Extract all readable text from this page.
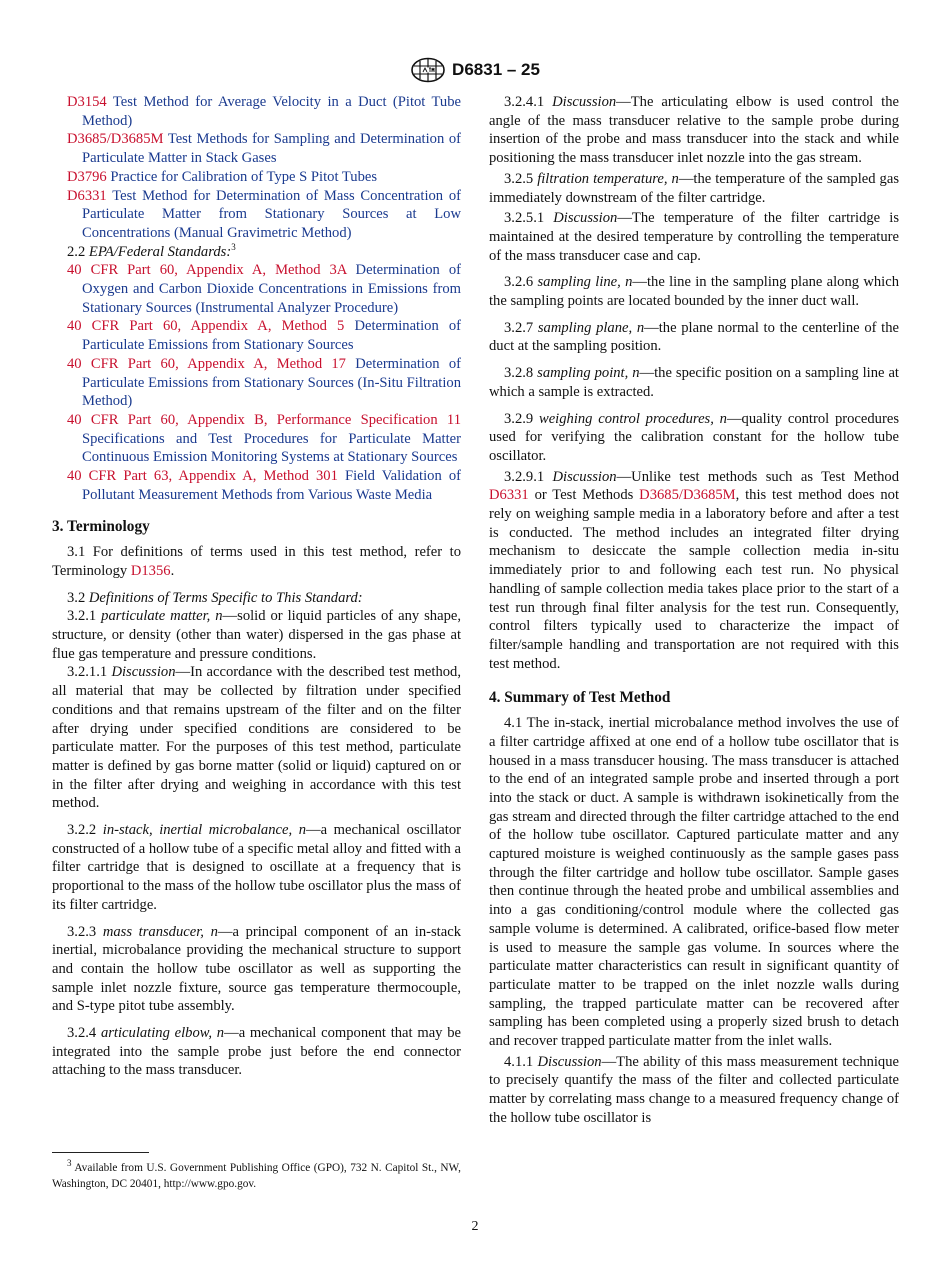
D6831 – 25

D3154 Test Method for Average Velocity in a Duct (Pitot Tube Method)

D3685/D3685M Test Methods for Sampling and Determination of Particulate Matter in Stack Gases

D3796 Practice for Calibration of Type S Pitot Tubes

D6331 Test Method for Determination of Mass Concentration of Particulate Matter from Stationary Sources at Low Concentrations (Manual Gravimetric Method)

2.2 EPA/Federal Standards:$^3$

40 CFR Part 60, Appendix A, Method 3A Determination of Oxygen and Carbon Dioxide Concentrations in Emissions from Stationary Sources (Instrumental Analyzer Procedure)

40 CFR Part 60, Appendix A, Method 5 Determination of Particulate Emissions from Stationary Sources

40 CFR Part 60, Appendix A, Method 17 Determination of Particulate Emissions from Stationary Sources (In-Situ Filtration Method)

40 CFR Part 60, Appendix B, Performance Specification 11 Specifications and Test Procedures for Particulate Matter Continuous Emission Monitoring Systems at Stationary Sources

40 CFR Part 63, Appendix A, Method 301 Field Validation of Pollutant Measurement Methods from Various Waste Media

3. Terminology

3.1 For definitions of terms used in this test method, refer to Terminology D1356.

3.2 Definitions of Terms Specific to This Standard:

3.2.1 particulate matter, n—solid or liquid particles of any shape, structure, or density (other than water) dispersed in the gas phase at flue gas temperature and pressure conditions.

3.2.1.1 Discussion—In accordance with the described test method, all material that may be collected by filtration under specified conditions and that remains upstream of the filter and on the filter after drying under specified conditions are considered to be particulate matter. For the purposes of this test method, particulate matter is defined by gas borne matter (solid or liquid) captured on or in the filter after drying and weighing in accordance with this test method.

3.2.2 in-stack, inertial microbalance, n—a mechanical oscillator constructed of a hollow tube of a specific metal alloy and fitted with a filter cartridge that is designed to oscillate at a frequency that is proportional to the mass of the hollow tube oscillator plus the mass of its filter cartridge.

3.2.3 mass transducer, n—a principal component of an in-stack inertial, microbalance providing the mechanical structure to support and contain the hollow tube oscillator as well as supporting the sample inlet nozzle fixture, source gas temperature thermocouple, and S-type pitot tube assembly.

3.2.4 articulating elbow, n—a mechanical component that may be integrated into the sample probe just before the end connector attaching to the mass transducer.

3.2.4.1 Discussion—The articulating elbow is used control the angle of the mass transducer relative to the sample probe during insertion of the probe and mass transducer into the stack and while positioning the mass transducer inlet nozzle into the gas stream.

3.2.5 filtration temperature, n—the temperature of the sampled gas immediately downstream of the filter cartridge.

3.2.5.1 Discussion—The temperature of the filter cartridge is maintained at the desired temperature by controlling the temperature of the mass transducer case and cap.

3.2.6 sampling line, n—the line in the sampling plane along which the sampling points are located bounded by the inner duct wall.

3.2.7 sampling plane, n—the plane normal to the centerline of the duct at the sampling position.

3.2.8 sampling point, n—the specific position on a sampling line at which a sample is extracted.

3.2.9 weighing control procedures, n—quality control procedures used for verifying the calibration constant for the hollow tube oscillator.

3.2.9.1 Discussion—Unlike test methods such as Test Method D6331 or Test Methods D3685/D3685M, this test method does not rely on weighing sample media in a laboratory before and after a test is conducted. The method includes an integrated filter drying mechanism to desiccate the sample collection media in-situ immediately prior to and following each test run. No physical handling of sample collection media takes place prior to the start of a test run through final filter analysis for the test run. Consequently, control filters typically used to characterize the impact of filter/sample handling and transportation are not required with this test method.

4. Summary of Test Method

4.1 The in-stack, inertial microbalance method involves the use of a filter cartridge affixed at one end of a hollow tube oscillator that is housed in a mass transducer housing. The mass transducer is attached to the end of an integrated sample probe and inserted through a port into the stack or duct. A sample is withdrawn isokinetically from the gas stream and directed through the filter cartridge attached to the end of the hollow tube oscillator. Captured particulate matter and any captured moisture is weighed continuously as the sample gases pass through the filter cartridge and hollow tube oscillator. Sample gases then continue through the heated probe and umbilical assemblies and into a gas conditioning/control module where the collected gas sample volume is determined. A calibrated, orifice-based flow meter is used to measure the sample gas volume. In sources where the particulate matter characteristics can result in significant quantity of particulate matter to be trapped on the inlet nozzle walls during sampling, the trapped particulate matter can be recovered after sampling has been completed using a properly sized brush to detach and recover trapped particulate matter from the inlet walls.

4.1.1 Discussion—The ability of this mass measurement technique to precisely quantify the mass of the filter and collected particulate matter by correlating mass change to a measured frequency change of the hollow tube oscillator is

$^3$ Available from U.S. Government Publishing Office (GPO), 732 N. Capitol St., NW, Washington, DC 20401, http://www.gpo.gov.

2
